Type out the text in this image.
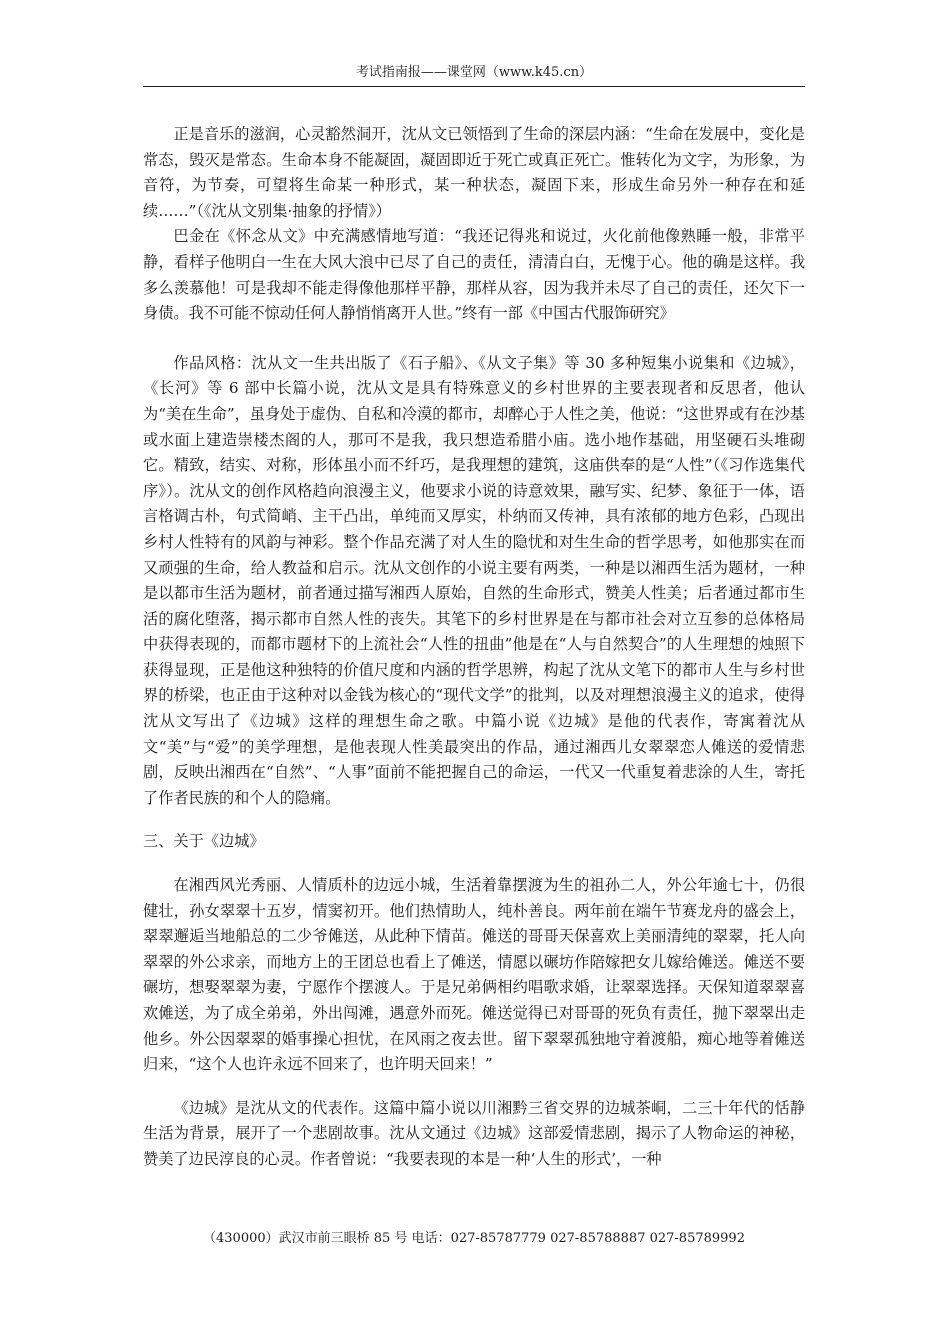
考试指南报——课堂网（www.k45.cn）

正是音乐的滋润，心灵豁然洞开，沈从文已领悟到了生命的深层内涵：“生命在发展中，变化是常态，毁灭是常态。生命本身不能凝固，凝固即近于死亡或真正死亡。惟转化为文字，为形象，为音符，为节奏，可望将生命某一种形式，某一种状态，凝固下来，形成生命另外一种存在和延续……”（《沈从文别集·抽象的抒情》）

巴金在《怀念从文》中充满感情地写道：“我还记得兆和说过，火化前他像熟睡一般，非常平静，看样子他明白一生在大风大浪中已尽了自己的责任，清清白白，无愧于心。他的确是这样。我多么羡慕他！可是我却不能走得像他那样平静，那样从容，因为我并未尽了自己的责任，还欠下一身债。我不可能不惊动任何人静悄悄离开人世。”终有一部《中国古代服饰研究》

作品风格：沈从文一生共出版了《石子船》、《从文子集》等 30 多种短集小说集和《边城》，《长河》等 6 部中长篇小说，沈从文是具有特殊意义的乡村世界的主要表现者和反思者，他认为“美在生命”，虽身处于虚伪、自私和冷漠的都市，却醉心于人性之美，他说：“这世界或有在沙基或水面上建造崇楼杰阁的人，那可不是我，我只想造希腊小庙。选小地作基础，用坚硬石头堆砌它。精致，结实、对称，形体虽小而不纤巧，是我理想的建筑，这庙供奉的是“人性”（《习作选集代序》）。沈从文的创作风格趋向浪漫主义，他要求小说的诗意效果，融写实、纪梦、象征于一体，语言格调古朴，句式简峭、主干凸出，单纯而又厚实，朴纳而又传神，具有浓郁的地方色彩，凸现出乡村人性特有的风韵与神彩。整个作品充满了对人生的隐忧和对生生命的哲学思考，如他那实在而又顽强的生命，给人教益和启示。沈从文创作的小说主要有两类，一种是以湘西生活为题材，一种是以都市生活为题材，前者通过描写湘西人原始，自然的生命形式，赞美人性美；后者通过都市生活的腐化堕落，揭示都市自然人性的丧失。其笔下的乡村世界是在与都市社会对立互参的总体格局中获得表现的，而都市题材下的上流社会“人性的扭曲”他是在“人与自然契合”的人生理想的烛照下获得显现，正是他这种独特的价值尺度和内涵的哲学思辨，构起了沈从文笔下的都市人生与乡村世界的桥梁，也正由于这种对以金钱为核心的“现代文学”的批判，以及对理想浪漫主义的追求，使得沈从文写出了《边城》这样的理想生命之歌。中篇小说《边城》是他的代表作，寄寓着沈从文“美”与“爱”的美学理想，是他表现人性美最突出的作品，通过湘西儿女翠翠恋人傩送的爱情悲剧，反映出湘西在“自然”、“人事”面前不能把握自己的命运，一代又一代重复着悲涂的人生，寄托了作者民族的和个人的隐痛。

三、关于《边城》

在湘西风光秀丽、人情质朴的边远小城，生活着靠摆渡为生的祖孙二人，外公年逾七十，仍很健壮，孙女翠翠十五岁，情窦初开。他们热情助人，纯朴善良。两年前在端午节赛龙舟的盛会上，翠翠邂逅当地船总的二少爷傩送，从此种下情苗。傩送的哥哥天保喜欢上美丽清纯的翠翠，托人向翠翠的外公求亲，而地方上的王团总也看上了傩送，情愿以碾坊作陪嫁把女儿嫁给傩送。傩送不要碾坊，想娶翠翠为妻，宁愿作个摆渡人。于是兄弟俩相约唱歌求婚，让翠翠选择。天保知道翠翠喜欢傩送，为了成全弟弟，外出闯滩，遇意外而死。傩送觉得已对哥哥的死负有责任，抛下翠翠出走他乡。外公因翠翠的婚事操心担忧，在风雨之夜去世。留下翠翠孤独地守着渡船，痴心地等着傩送归来，“这个人也许永远不回来了，也许明天回来！”

《边城》是沈从文的代表作。这篇中篇小说以川湘黔三省交界的边城茶峒，二三十年代的恬静生活为背景，展开了一个悲剧故事。沈从文通过《边城》这部爱情悲剧，揭示了人物命运的神秘，赞美了边民淳良的心灵。作者曾说：“我要表现的本是一种‘人生的形式’，一种

（430000）武汉市前三眼桥 85 号 电话：027-85787779 027-85788887 027-85789992
